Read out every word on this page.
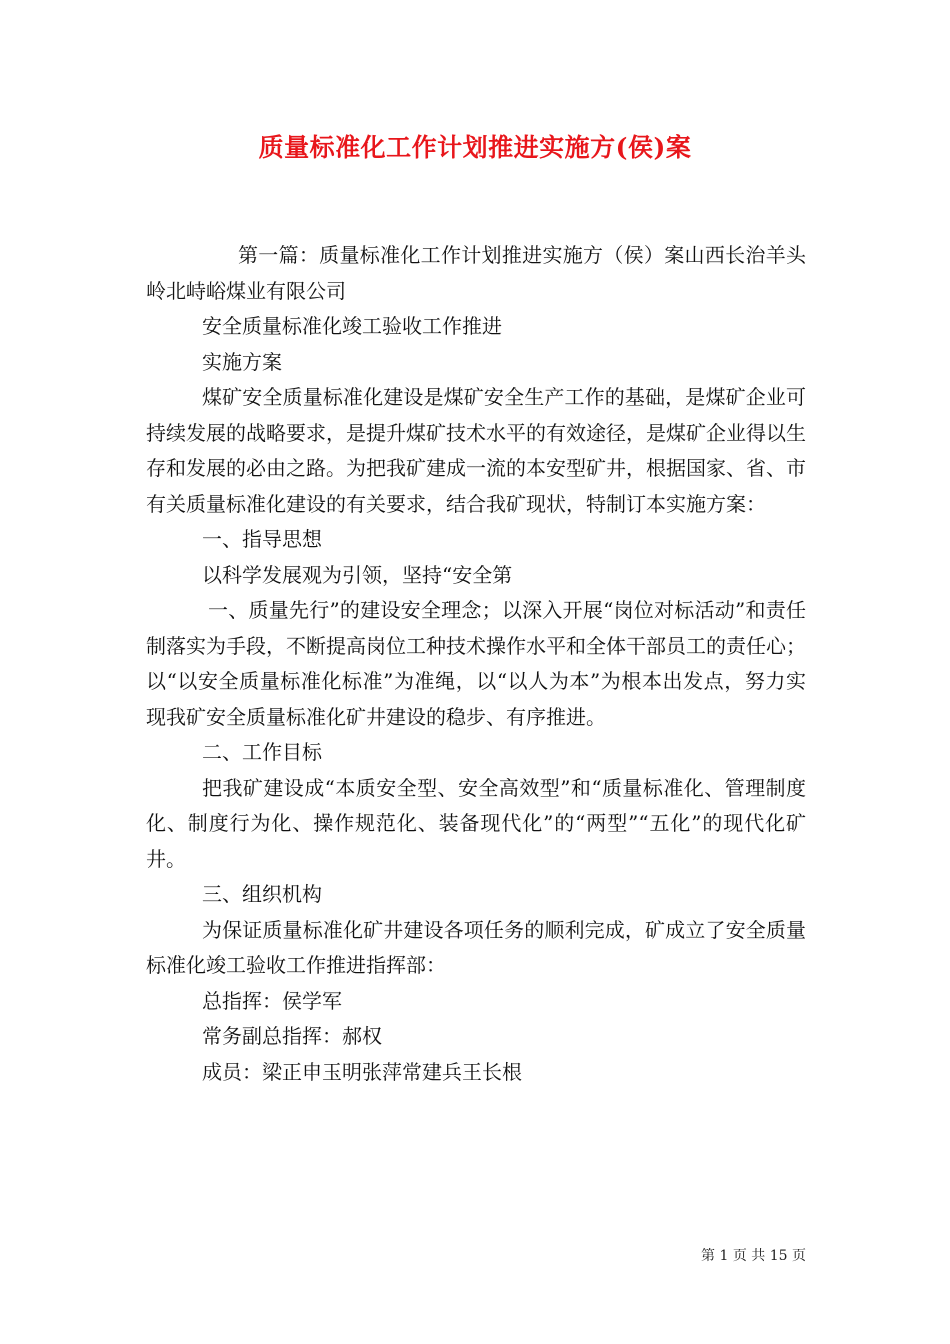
质量标准化工作计划推进实施方(侯)案

第一篇：质量标准化工作计划推进实施方（侯）案山西长治羊头岭北峙峪煤业有限公司

安全质量标准化竣工验收工作推进

实施方案

煤矿安全质量标准化建设是煤矿安全生产工作的基础，是煤矿企业可持续发展的战略要求，是提升煤矿技术水平的有效途径，是煤矿企业得以生存和发展的必由之路。为把我矿建成一流的本安型矿井，根据国家、省、市有关质量标准化建设的有关要求，结合我矿现状，特制订本实施方案：

一、指导思想

以科学发展观为引领，坚持“安全第

一、质量先行”的建设安全理念；以深入开展“岗位对标活动”和责任制落实为手段，不断提高岗位工种技术操作水平和全体干部员工的责任心；以“以安全质量标准化标准”为准绳，以“以人为本”为根本出发点，努力实现我矿安全质量标准化矿井建设的稳步、有序推进。

二、工作目标

把我矿建设成“本质安全型、安全高效型”和“质量标准化、管理制度化、制度行为化、操作规范化、装备现代化”的“两型”“五化”的现代化矿井。

三、组织机构

为保证质量标准化矿井建设各项任务的顺利完成，矿成立了安全质量标准化竣工验收工作推进指挥部：

总指挥：侯学军

常务副总指挥：郝权

成员：梁正申玉明张萍常建兵王长根

第 1 页 共 15 页
